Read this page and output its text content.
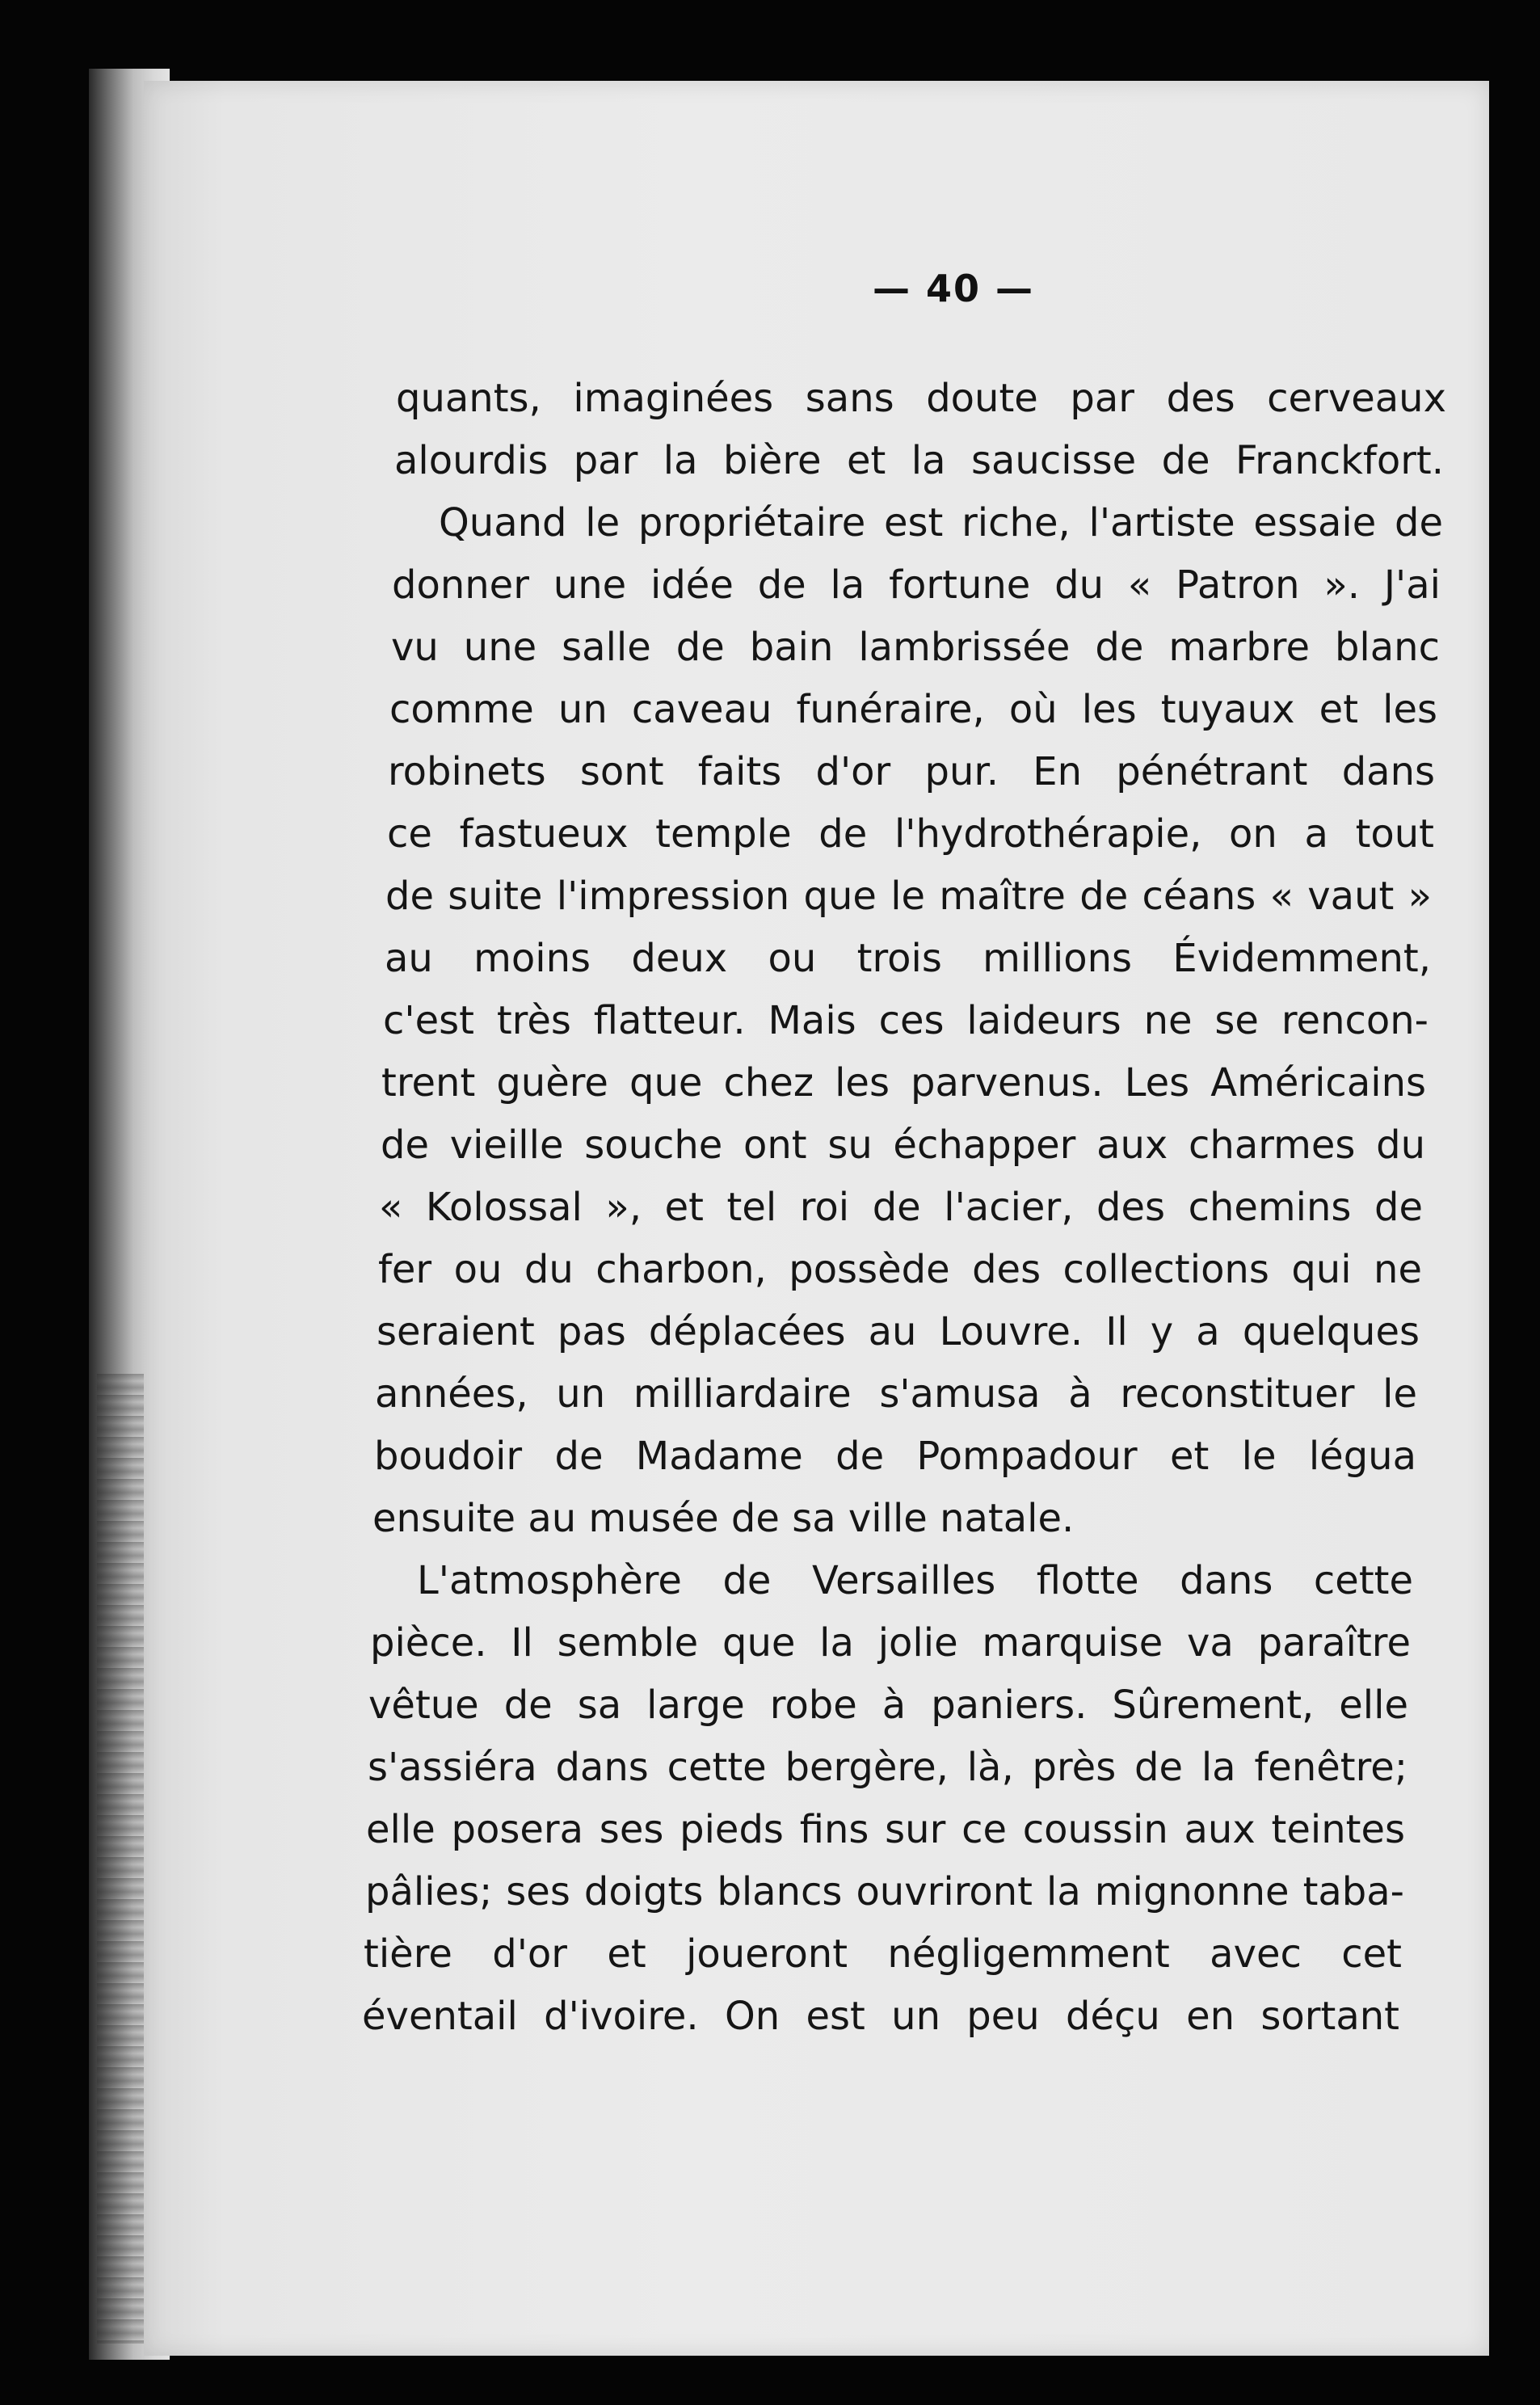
— 40 —
quants, imaginées sans doute par des cerveaux
alourdis par la bière et la saucisse de Franckfort.
Quand le propriétaire est riche, l'artiste essaie de
donner une idée de la fortune du « Patron ». J'ai
vu une salle de bain lambrissée de marbre blanc
comme un caveau funéraire, où les tuyaux et les
robinets sont faits d'or pur. En pénétrant dans
ce fastueux temple de l'hydrothérapie, on a tout
de suite l'impression que le maître de céans « vaut »
au moins deux ou trois millions Évidemment,
c'est très flatteur. Mais ces laideurs ne se rencon-
trent guère que chez les parvenus. Les Américains
de vieille souche ont su échapper aux charmes du
« Kolossal », et tel roi de l'acier, des chemins de
fer ou du charbon, possède des collections qui ne
seraient pas déplacées au Louvre. Il y a quelques
années, un milliardaire s'amusa à reconstituer le
boudoir de Madame de Pompadour et le légua
ensuite au musée de sa ville natale.
L'atmosphère de Versailles flotte dans cette
pièce. Il semble que la jolie marquise va paraître
vêtue de sa large robe à paniers. Sûrement, elle
s'assiéra dans cette bergère, là, près de la fenêtre;
elle posera ses pieds fins sur ce coussin aux teintes
pâlies; ses doigts blancs ouvriront la mignonne taba-
tière d'or et joueront négligemment avec cet
éventail d'ivoire. On est un peu déçu en sortant
